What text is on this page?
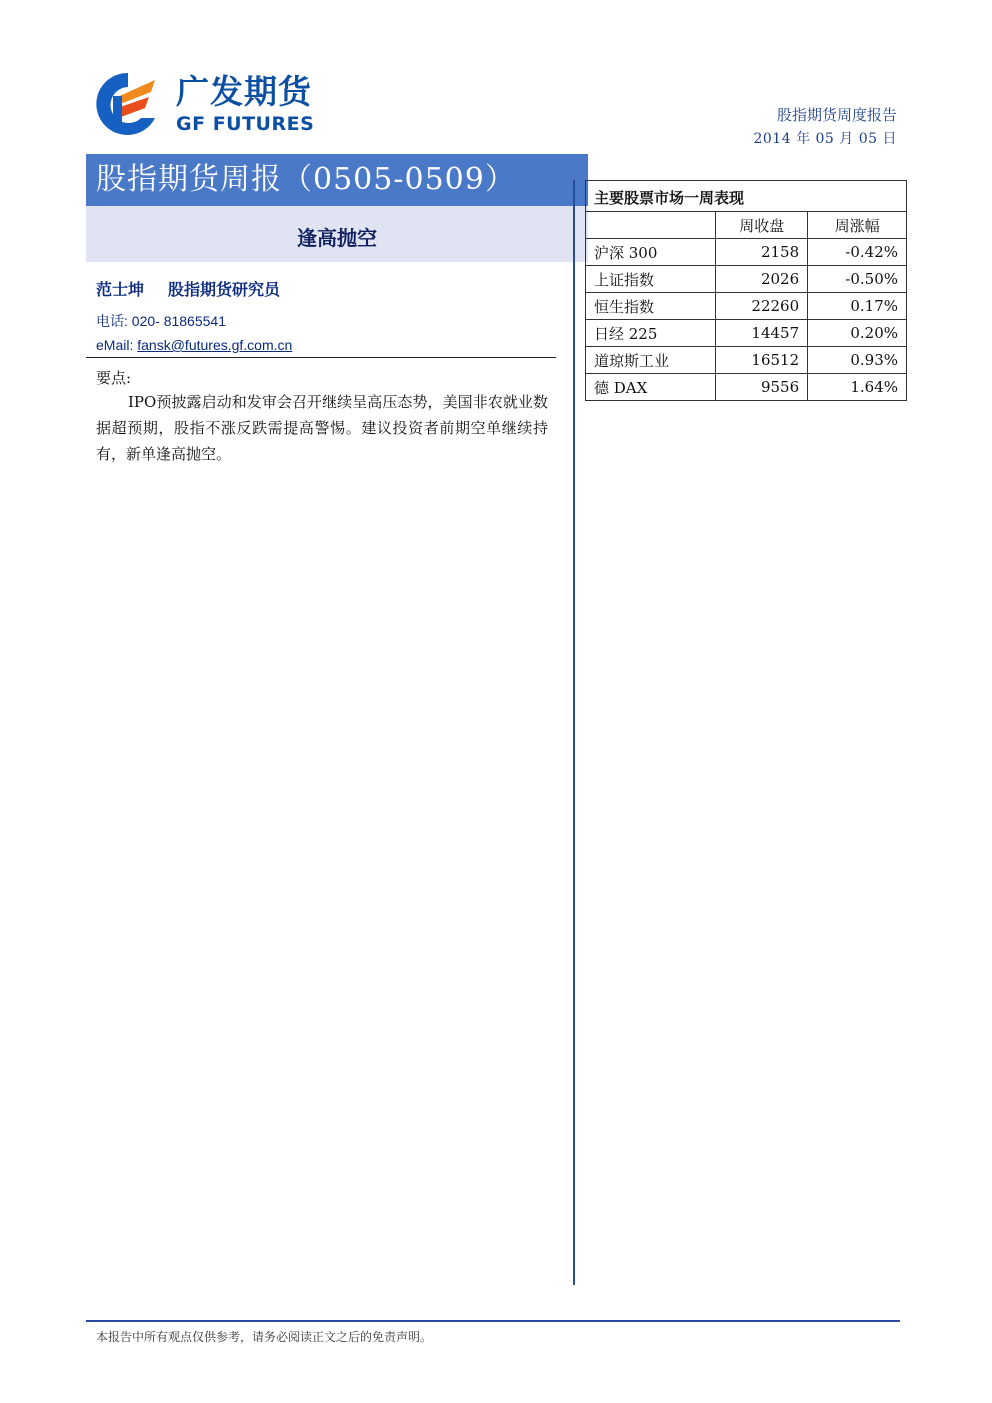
广发期货
GF FUTURES	股指期货周度报告
2014 年 05 月 05 日
股指期货周报（0505-0509）
逢高抛空
范士坤 股指期货研究员
电话: 020- 81865541
eMail: fansk@futures.gf.com.cn
要点:
IPO预披露启动和发审会召开继续呈高压态势，美国非农就业数据超预期，股指不涨反跌需提高警惕。建议投资者前期空单继续持有，新单逢高抛空。
主要股票市场一周表现		
	周收盘	周涨幅
沪深 300	2158	-0.42%
上证指数	2026	-0.50%
恒生指数	22260	0.17%
日经 225	14457	0.20%
道琼斯工业	16512	0.93%
德 DAX	9556	1.64%
本报告中所有观点仅供参考，请务必阅读正文之后的免责声明。
